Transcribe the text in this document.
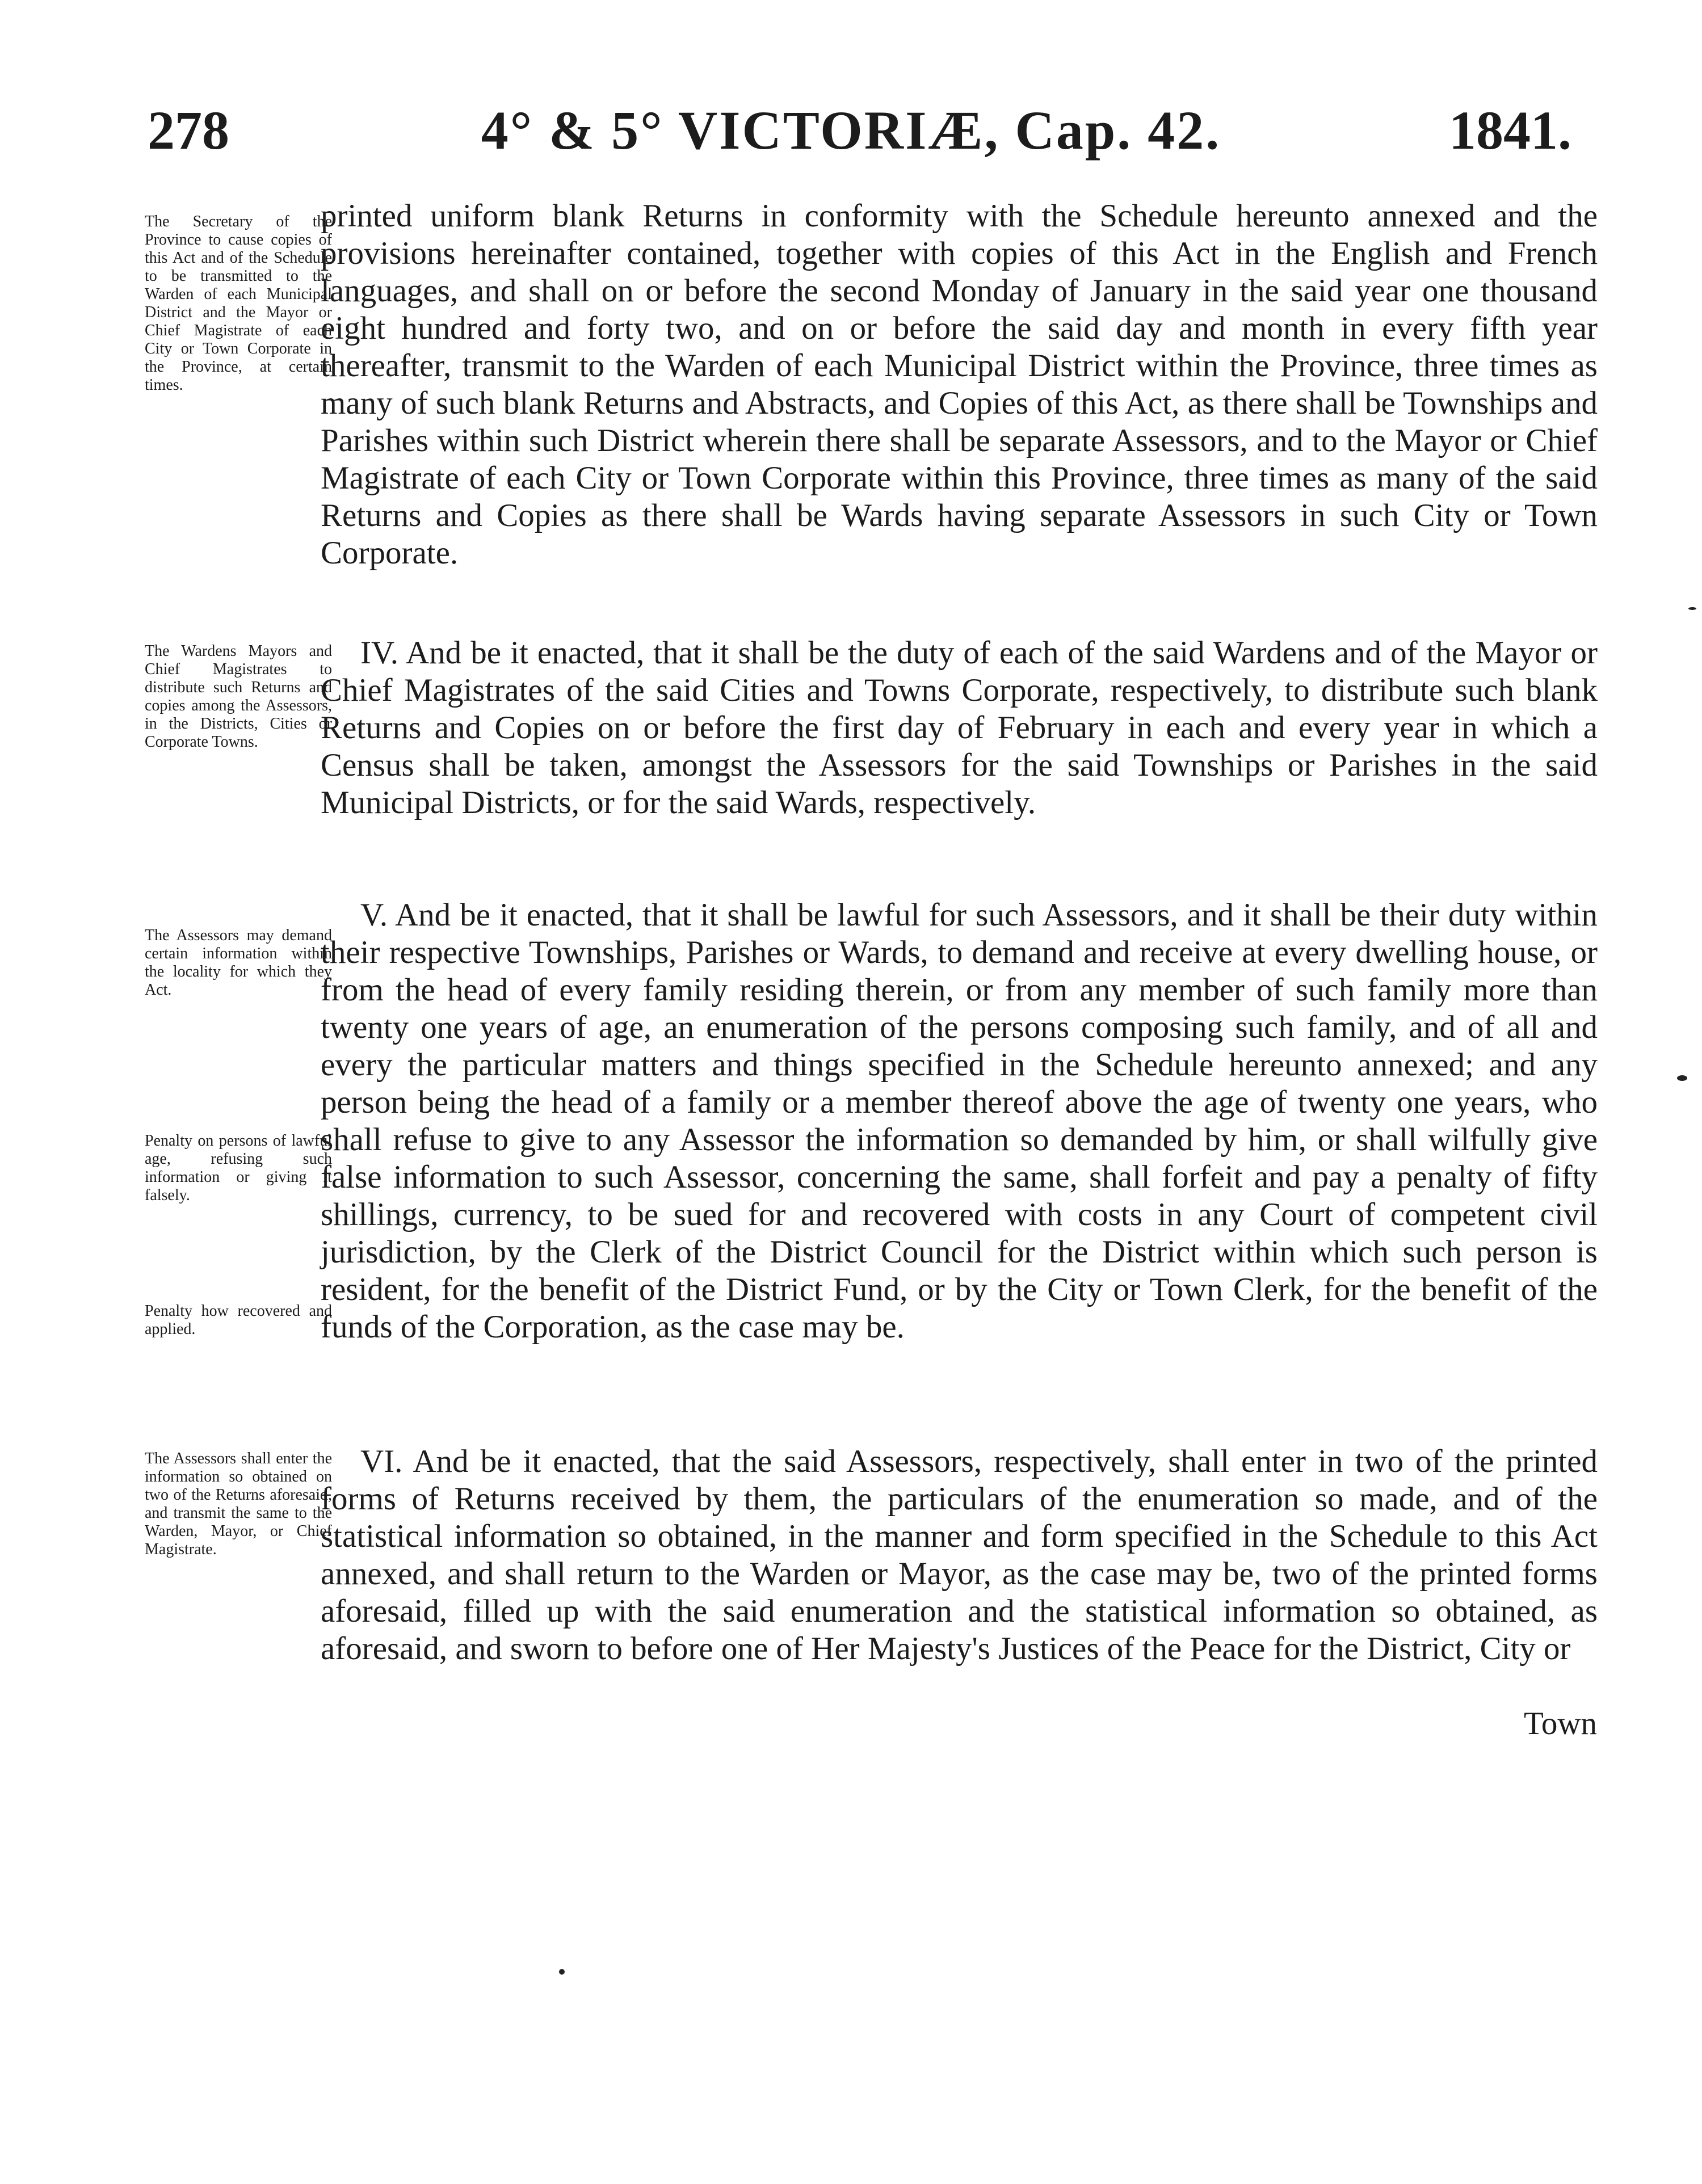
278	4° & 5° VICTORIÆ, Cap. 42.	1841.
The Secretary of the Province to cause copies of this Act and of the Schedule to be transmitted to the Warden of each Municipal District and the Mayor or Chief Magistrate of each City or Town Corporate in the Province, at certain times.
The Wardens Mayors and Chief Magistrates to distribute such Returns and copies among the Assessors, in the Districts, Cities or Corporate Towns.
The Assessors may demand certain information within the locality for which they Act.
Penalty on persons of lawful age, refusing such information or giving it falsely.
Penalty how recovered and applied.
The Assessors shall enter the information so obtained on two of the Returns aforesaid, and transmit the same to the Warden, Mayor, or Chief Magistrate.

printed uniform blank Returns in conformity with the Schedule hereunto annexed and the provisions hereinafter contained, together with copies of this Act in the English and French languages, and shall on or before the second Monday of January in the said year one thousand eight hundred and forty two, and on or before the said day and month in every fifth year thereafter, transmit to the Warden of each Municipal District within the Province, three times as many of such blank Returns and Abstracts, and Copies of this Act, as there shall be Townships and Parishes within such District wherein there shall be separate Assessors, and to the Mayor or Chief Magistrate of each City or Town Corporate within this Province, three times as many of the said Returns and Copies as there shall be Wards having separate Assessors in such City or Town Corporate.

IV. And be it enacted, that it shall be the duty of each of the said Wardens and of the Mayor or Chief Magistrates of the said Cities and Towns Corporate, respectively, to distribute such blank Returns and Copies on or before the first day of February in each and every year in which a Census shall be taken, amongst the Assessors for the said Townships or Parishes in the said Municipal Districts, or for the said Wards, respectively.

V. And be it enacted, that it shall be lawful for such Assessors, and it shall be their duty within their respective Townships, Parishes or Wards, to demand and receive at every dwelling house, or from the head of every family residing therein, or from any member of such family more than twenty one years of age, an enumeration of the persons composing such family, and of all and every the particular matters and things specified in the Schedule hereunto annexed; and any person being the head of a family or a member thereof above the age of twenty one years, who shall refuse to give to any Assessor the information so demanded by him, or shall wilfully give false information to such Assessor, concerning the same, shall forfeit and pay a penalty of fifty shillings, currency, to be sued for and recovered with costs in any Court of competent civil jurisdiction, by the Clerk of the District Council for the District within which such person is resident, for the benefit of the District Fund, or by the City or Town Clerk, for the benefit of the funds of the Corporation, as the case may be.

VI. And be it enacted, that the said Assessors, respectively, shall enter in two of the printed forms of Returns received by them, the particulars of the enumeration so made, and of the statistical information so obtained, in the manner and form specified in the Schedule to this Act annexed, and shall return to the Warden or Mayor, as the case may be, two of the printed forms aforesaid, filled up with the said enumeration and the statistical information so obtained, as aforesaid, and sworn to before one of Her Majesty's Justices of the Peace for the District, City or

Town
